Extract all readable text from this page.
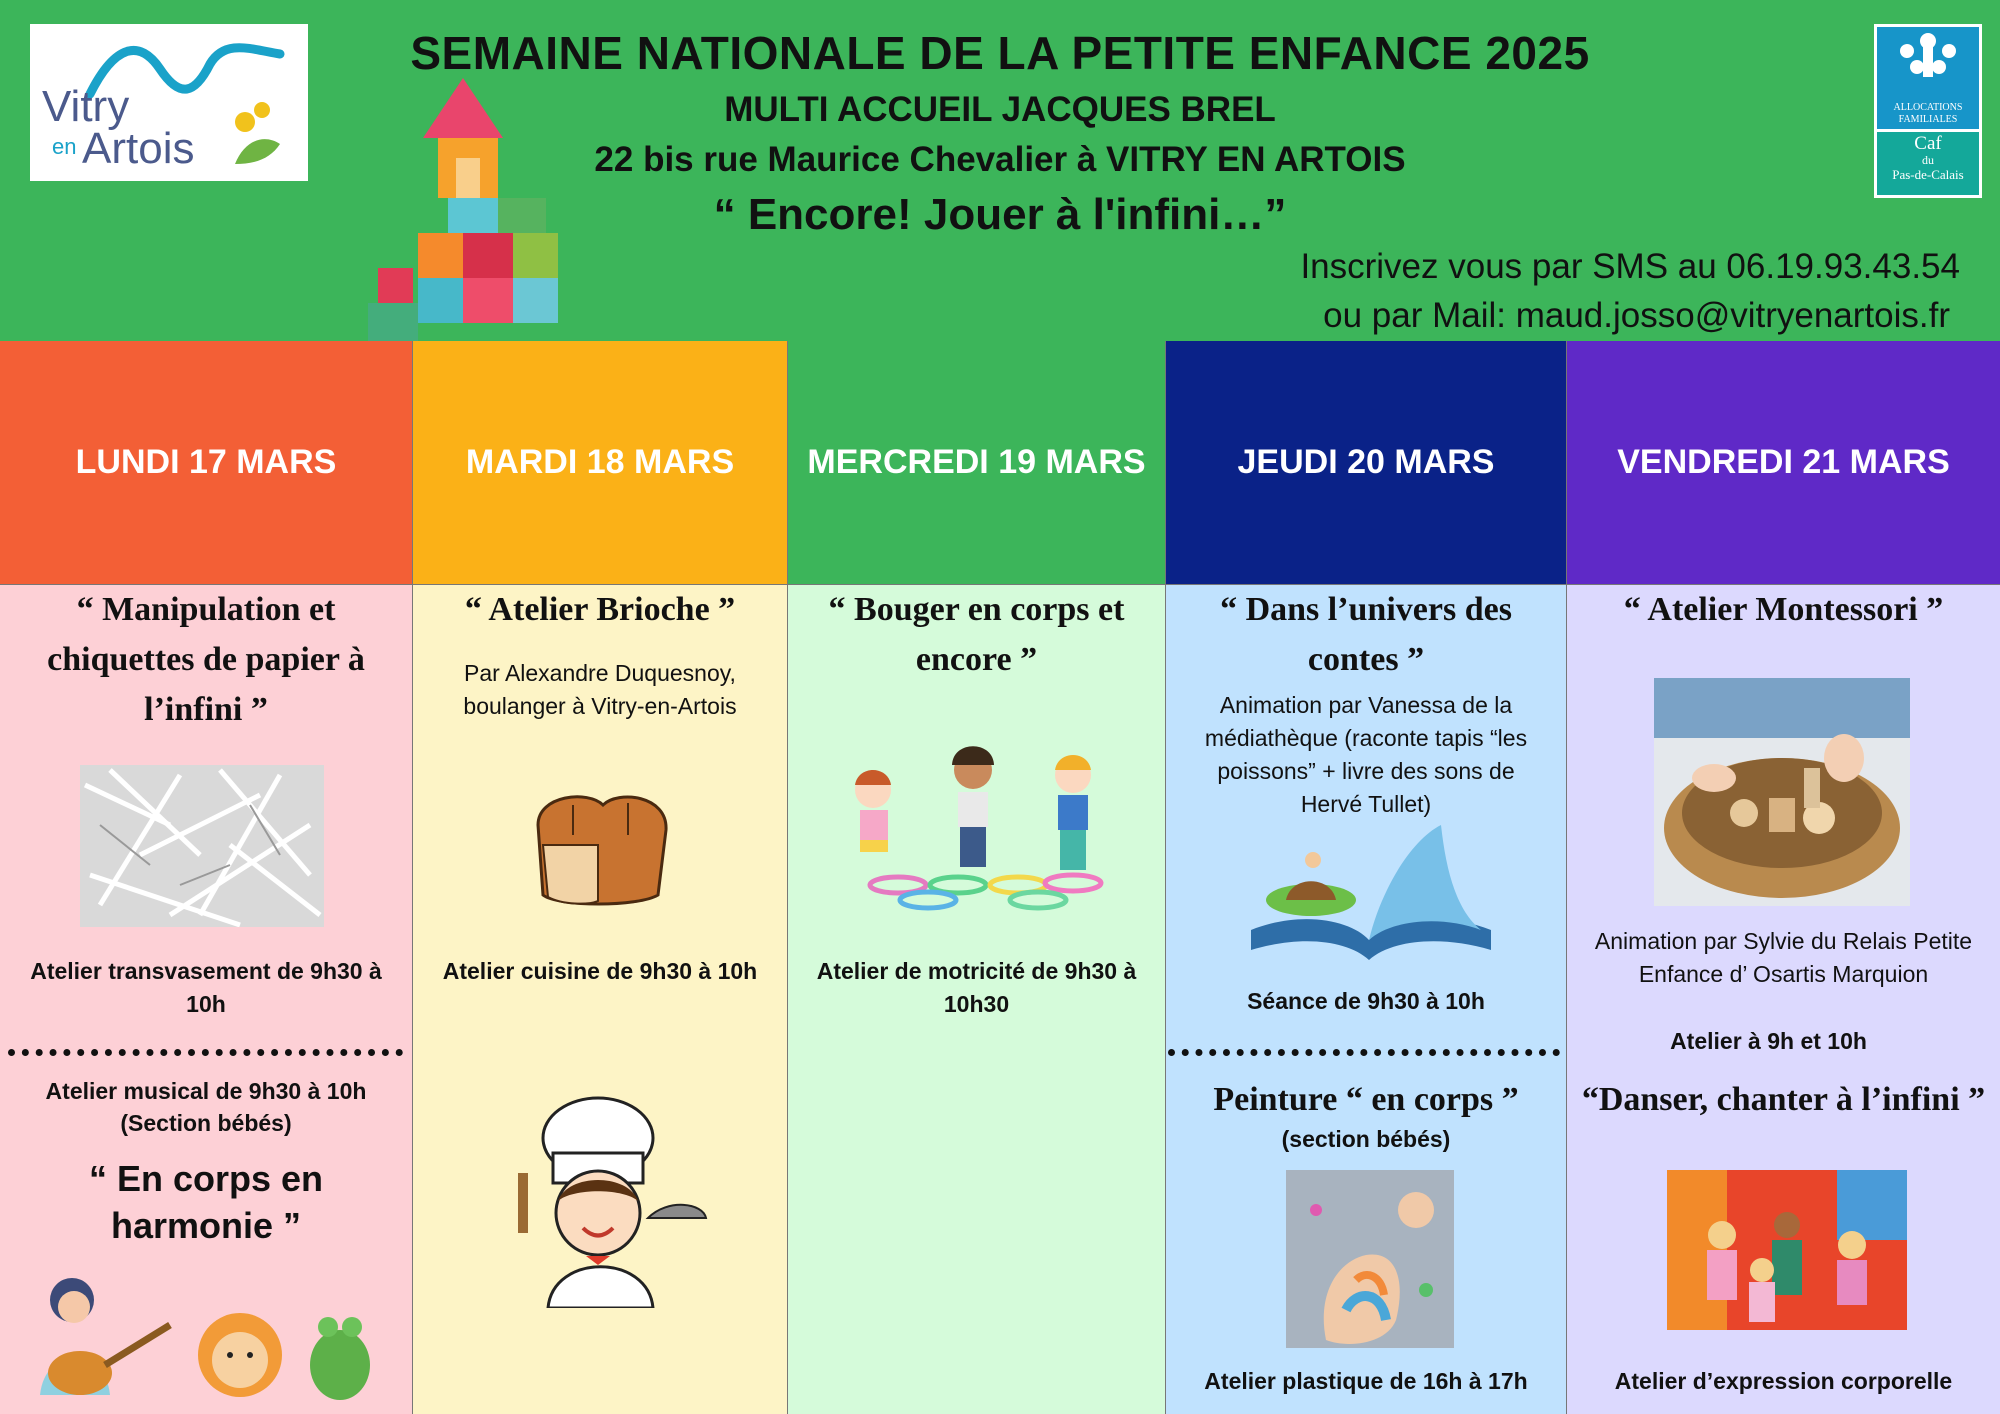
Vitry
en Artois
ALLOCATIONS
FAMILIALES
Caf
du
Pas-de-Calais
SEMAINE NATIONALE DE LA PETITE ENFANCE 2025
MULTI ACCUEIL JACQUES BREL
22 bis rue Maurice Chevalier à VITRY EN ARTOIS
“ Encore! Jouer à l'infini…”
Inscrivez vous par SMS au 06.19.93.43.54
ou par Mail: maud.josso@vitryenartois.fr
LUNDI 17 MARS
“ Manipulation et chiquettes de papier à l’infini ”
Atelier transvasement de 9h30 à 10h
Atelier musical de 9h30 à 10h
(Section bébés)
“ En corps en harmonie ”
MARDI 18 MARS
“ Atelier Brioche ”
Par Alexandre Duquesnoy, boulanger à Vitry-en-Artois
Atelier cuisine de 9h30 à 10h
MERCREDI 19 MARS
“ Bouger en corps et encore ”
Atelier de motricité de 9h30 à 10h30
JEUDI 20 MARS
“ Dans l’univers des contes ”
Animation par Vanessa de la médiathèque (raconte tapis “les poissons” + livre des sons de Hervé Tullet)
Séance de 9h30 à 10h
Peinture “ en corps ”
(section bébés)
Atelier plastique de 16h à 17h
VENDREDI 21 MARS
“ Atelier Montessori ”
Animation par Sylvie du Relais Petite Enfance d’ Osartis Marquion
Atelier à 9h et 10h
“Danser, chanter à l’infini ”
Atelier d’expression corporelle
